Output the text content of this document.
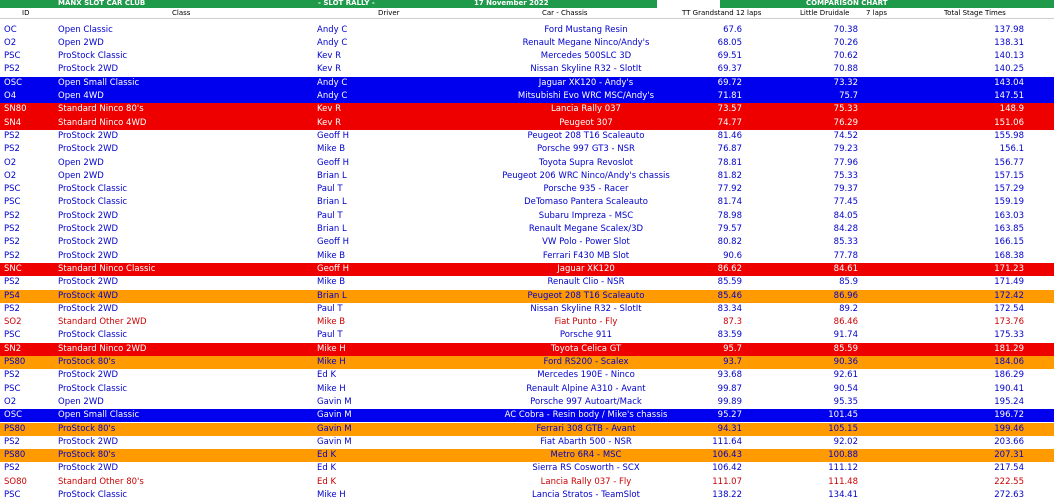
MANX SLOT CAR CLUB	- SLOT RALLY -	17 November 2022	COMPARISON CHART
ID	Class	Driver	Car - Chassis	TT Grandstand 12 laps	Little Druidale 7 laps	Total Stage Times
OC	Open Classic	Andy C	Ford Mustang Resin	67.6	70.38	137.98
O2	Open 2WD	Andy C	Renault Megane Ninco/Andy's	68.05	70.26	138.31
PSC	ProStock Classic	Kev R	Mercedes 500SLC 3D	69.51	70.62	140.13
PS2	ProStock 2WD	Kev R	Nissan Skyline R32 - SlotIt	69.37	70.88	140.25
OSC	Open Small Classic	Andy C	Jaguar XK120 - Andy's	69.72	73.32	143.04
O4	Open 4WD	Andy C	Mitsubishi Evo WRC MSC/Andy's	71.81	75.7	147.51
SN80	Standard Ninco 80's	Kev R	Lancia Rally 037	73.57	75.33	148.9
SN4	Standard Ninco 4WD	Kev R	Peugeot 307	74.77	76.29	151.06
PS2	ProStock 2WD	Geoff H	Peugeot 208 T16 Scaleauto	81.46	74.52	155.98
PS2	ProStock 2WD	Mike B	Porsche 997 GT3 - NSR	76.87	79.23	156.1
O2	Open 2WD	Geoff H	Toyota Supra Revoslot	78.81	77.96	156.77
O2	Open 2WD	Brian L	Peugeot 206 WRC Ninco/Andy's chassis	81.82	75.33	157.15
PSC	ProStock Classic	Paul T	Porsche 935 - Racer	77.92	79.37	157.29
PSC	ProStock Classic	Brian L	DeTomaso Pantera Scaleauto	81.74	77.45	159.19
PS2	ProStock 2WD	Paul T	Subaru Impreza - MSC	78.98	84.05	163.03
PS2	ProStock 2WD	Brian L	Renault Megane Scalex/3D	79.57	84.28	163.85
PS2	ProStock 2WD	Geoff H	VW Polo - Power Slot	80.82	85.33	166.15
PS2	ProStock 2WD	Mike B	Ferrari F430 MB Slot	90.6	77.78	168.38
SNC	Standard Ninco Classic	Geoff H	Jaguar XK120	86.62	84.61	171.23
PS2	ProStock 2WD	Mike B	Renault Clio - NSR	85.59	85.9	171.49
PS4	ProStock 4WD	Brian L	Peugeot 208 T16 Scaleauto	85.46	86.96	172.42
PS2	ProStock 2WD	Paul T	Nissan Skyline R32 - SlotIt	83.34	89.2	172.54
SO2	Standard Other 2WD	Mike B	Fiat Punto - Fly	87.3	86.46	173.76
PSC	ProStock Classic	Paul T	Porsche 911	83.59	91.74	175.33
SN2	Standard Ninco 2WD	Mike H	Toyota Celica GT	95.7	85.59	181.29
PS80	ProStock 80's	Mike H	Ford RS200 - Scalex	93.7	90.36	184.06
PS2	ProStock 2WD	Ed K	Mercedes 190E - Ninco	93.68	92.61	186.29
PSC	ProStock Classic	Mike H	Renault Alpine A310 - Avant	99.87	90.54	190.41
O2	Open 2WD	Gavin M	Porsche 997 Autoart/Mack	99.89	95.35	195.24
OSC	Open Small Classic	Gavin M	AC Cobra - Resin body / Mike's chassis	95.27	101.45	196.72
PS80	ProStock 80's	Gavin M	Ferrari 308 GTB - Avant	94.31	105.15	199.46
PS2	ProStock 2WD	Gavin M	Fiat Abarth 500 - NSR	111.64	92.02	203.66
PS80	ProStock 80's	Ed K	Metro 6R4 - MSC	106.43	100.88	207.31
PS2	ProStock 2WD	Ed K	Sierra RS Cosworth - SCX	106.42	111.12	217.54
SO80	Standard Other 80's	Ed K	Lancia Rally 037 - Fly	111.07	111.48	222.55
PSC	ProStock Classic	Mike H	Lancia Stratos - TeamSlot	138.22	134.41	272.63
